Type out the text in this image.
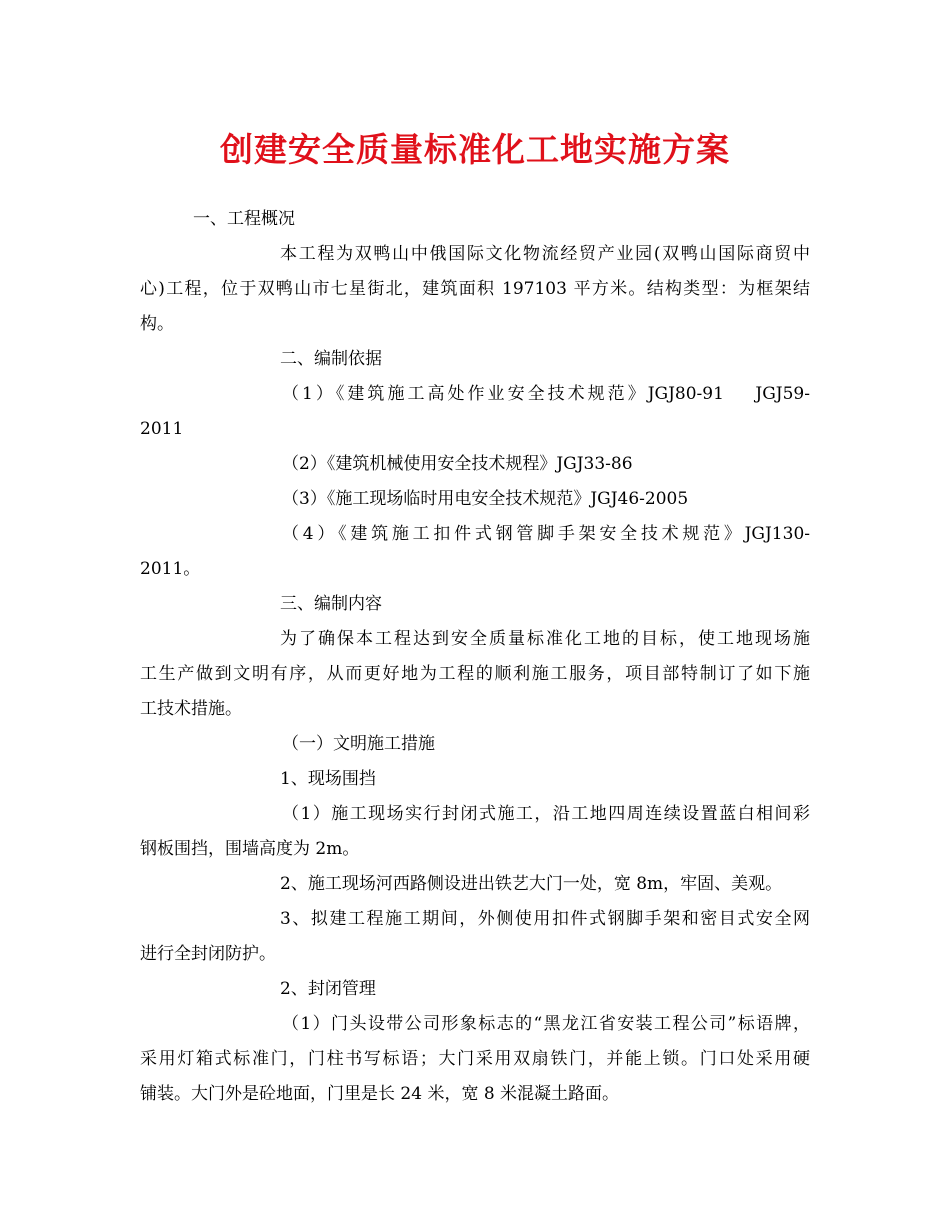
创建安全质量标准化工地实施方案
一、工程概况
本工程为双鸭山中俄国际文化物流经贸产业园(双鸭山国际商贸中
心)工程，位于双鸭山市七星街北，建筑面积 197103 平方米。结构类型：为框架结
构。
二、编制依据
（1）《建筑施工高处作业安全技术规范》JGJ80-91　 JGJ59-
2011
（2）《建筑机械使用安全技术规程》JGJ33-86
（3）《施工现场临时用电安全技术规范》JGJ46-2005
（4）《建筑施工扣件式钢管脚手架安全技术规范》JGJ130-
2011。
三、编制内容
为了确保本工程达到安全质量标准化工地的目标，使工地现场施
工生产做到文明有序，从而更好地为工程的顺利施工服务，项目部特制订了如下施
工技术措施。
（一）文明施工措施
1、现场围挡
（1）施工现场实行封闭式施工，沿工地四周连续设置蓝白相间彩
钢板围挡，围墙高度为 2m。
2、施工现场河西路侧设进出铁艺大门一处，宽 8m，牢固、美观。
3、拟建工程施工期间，外侧使用扣件式钢脚手架和密目式安全网
进行全封闭防护。
2、封闭管理
（1）门头设带公司形象标志的“黑龙江省安装工程公司”标语牌，
采用灯箱式标准门，门柱书写标语；大门采用双扇铁门，并能上锁。门口处采用硬
铺装。大门外是砼地面，门里是长 24 米，宽 8 米混凝土路面。
